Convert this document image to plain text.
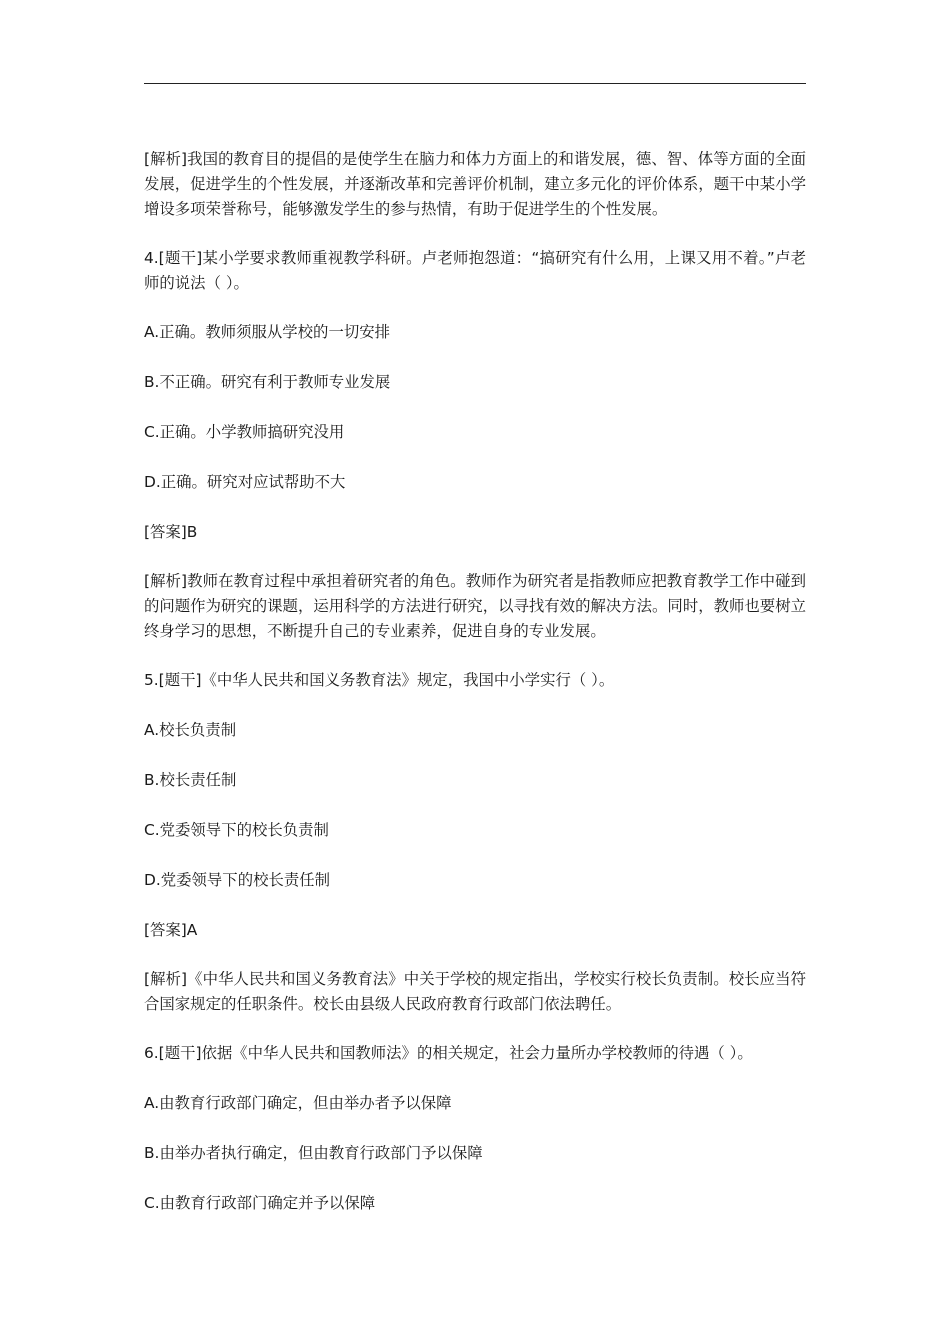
[解析]我国的教育目的提倡的是使学生在脑力和体力方面上的和谐发展，德、智、体等方面的全面发展，促进学生的个性发展，并逐渐改革和完善评价机制，建立多元化的评价体系，题干中某小学增设多项荣誉称号，能够激发学生的参与热情，有助于促进学生的个性发展。

4.[题干]某小学要求教师重视教学科研。卢老师抱怨道：“搞研究有什么用，上课又用不着。”卢老师的说法（ ）。

A.正确。教师须服从学校的一切安排

B.不正确。研究有利于教师专业发展

C.正确。小学教师搞研究没用

D.正确。研究对应试帮助不大

[答案]B

[解析]教师在教育过程中承担着研究者的角色。教师作为研究者是指教师应把教育教学工作中碰到的问题作为研究的课题，运用科学的方法进行研究，以寻找有效的解决方法。同时，教师也要树立终身学习的思想，不断提升自己的专业素养，促进自身的专业发展。

5.[题干]《中华人民共和国义务教育法》规定，我国中小学实行（ ）。

A.校长负责制

B.校长责任制

C.党委领导下的校长负责制

D.党委领导下的校长责任制

[答案]A

[解析]《中华人民共和国义务教育法》中关于学校的规定指出，学校实行校长负责制。校长应当符合国家规定的任职条件。校长由县级人民政府教育行政部门依法聘任。

6.[题干]依据《中华人民共和国教师法》的相关规定，社会力量所办学校教师的待遇（ ）。

A.由教育行政部门确定，但由举办者予以保障

B.由举办者执行确定，但由教育行政部门予以保障

C.由教育行政部门确定并予以保障
